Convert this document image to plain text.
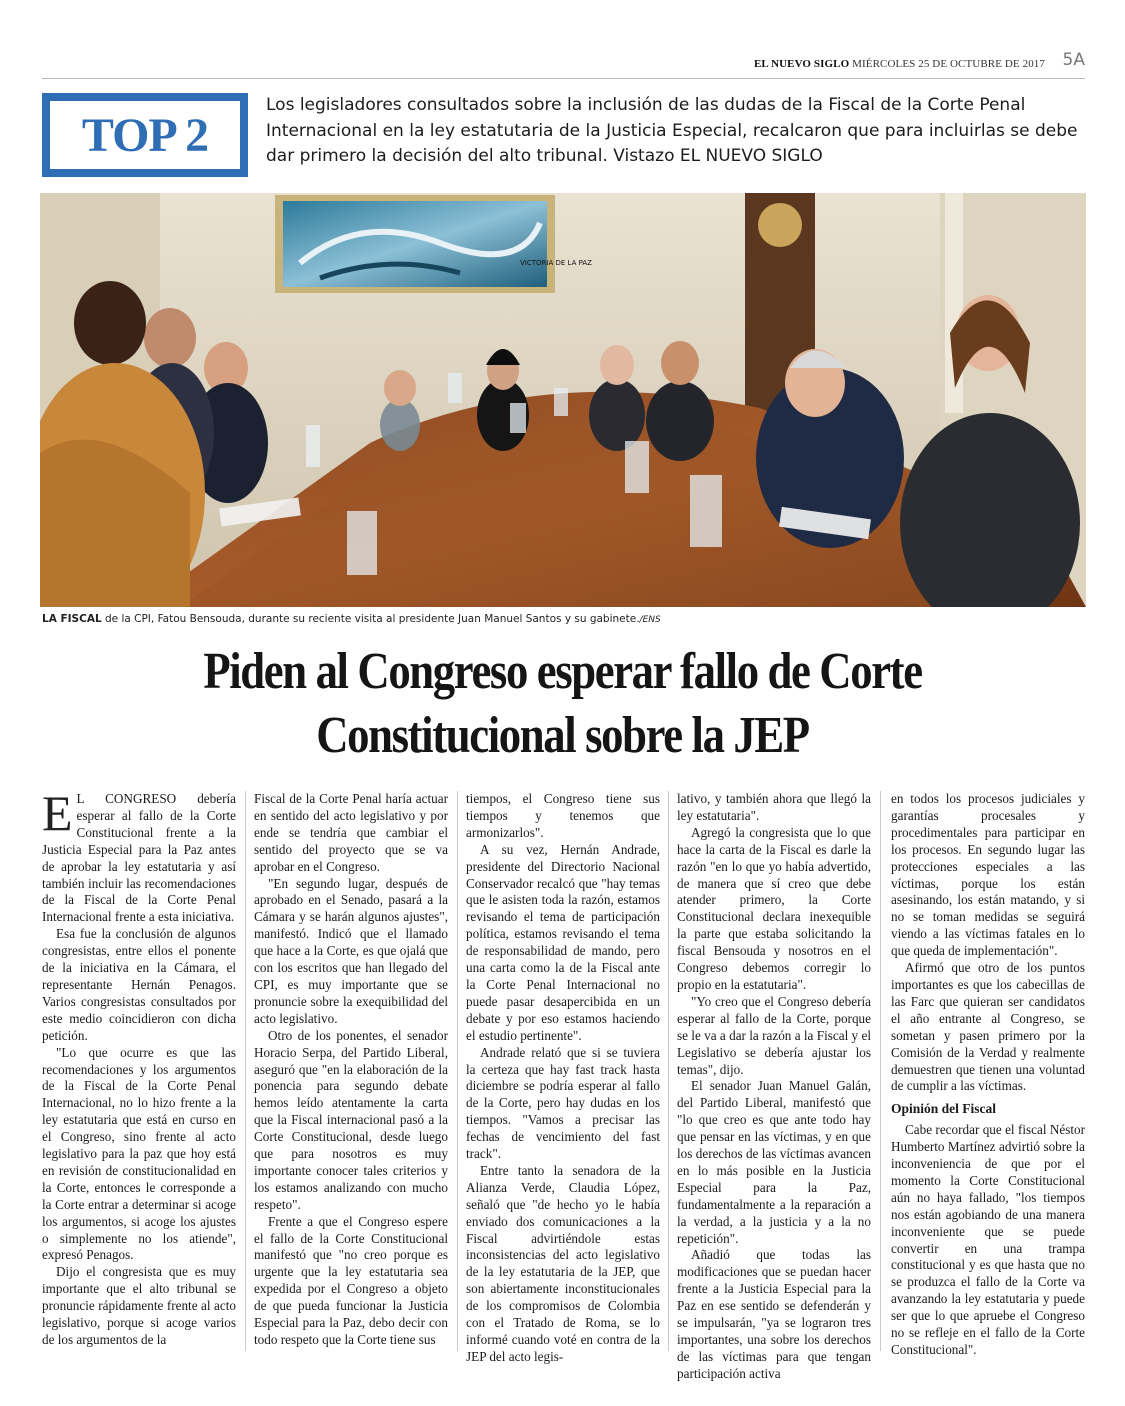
EL NUEVO SIGLO MIÉRCOLES 25 DE OCTUBRE DE 2017 5A
TOP 2
Los legisladores consultados sobre la inclusión de las dudas de la Fiscal de la Corte Penal Internacional en la ley estatutaria de la Justicia Especial, recalcaron que para incluirlas se debe dar primero la decisión del alto tribunal. Vistazo EL NUEVO SIGLO
VICTORIA DE LA PAZ
LA FISCAL de la CPI, Fatou Bensouda, durante su reciente visita al presidente Juan Manuel Santos y su gabinete./ENS
Piden al Congreso esperar fallo de Corte
Constitucional sobre la JEP
E L CONGRESO debería esperar al fallo de la Corte Constitucional frente a la Justicia Especial para la Paz antes de aprobar la ley estatutaria y así también incluir las recomendaciones de la Fiscal de la Corte Penal Internacional frente a esta iniciativa.

Esa fue la conclusión de algunos congresistas, entre ellos el ponente de la iniciativa en la Cámara, el representante Hernán Penagos. Varios congresistas consultados por este medio coincidieron con dicha petición.

"Lo que ocurre es que las recomendaciones y los argumentos de la Fiscal de la Corte Penal Internacional, no lo hizo frente a la ley estatutaria que está en curso en el Congreso, sino frente al acto legislativo para la paz que hoy está en revisión de constitucionalidad en la Corte, entonces le corresponde a la Corte entrar a determinar si acoge los argumentos, si acoge los ajustes o simplemente no los atiende", expresó Penagos.

Dijo el congresista que es muy importante que el alto tribunal se pronuncie rápidamente frente al acto legislativo, porque si acoge varios de los argumentos de la

Fiscal de la Corte Penal haría actuar en sentido del acto legislativo y por ende se tendría que cambiar el sentido del proyecto que se va aprobar en el Congreso.

"En segundo lugar, después de aprobado en el Senado, pasará a la Cámara y se harán algunos ajustes", manifestó. Indicó que el llamado que hace a la Corte, es que ojalá que con los escritos que han llegado del CPI, es muy importante que se pronuncie sobre la exequibilidad del acto legislativo.

Otro de los ponentes, el senador Horacio Serpa, del Partido Liberal, aseguró que "en la elaboración de la ponencia para segundo debate hemos leído atentamente la carta que la Fiscal internacional pasó a la Corte Constitucional, desde luego que para nosotros es muy importante conocer tales criterios y los estamos analizando con mucho respeto".

Frente a que el Congreso espere el fallo de la Corte Constitucional manifestó que "no creo porque es urgente que la ley estatutaria sea expedida por el Congreso a objeto de que pueda funcionar la Justicia Especial para la Paz, debo decir con todo respeto que la Corte tiene sus

tiempos, el Congreso tiene sus tiempos y tenemos que armonizarlos".

A su vez, Hernán Andrade, presidente del Directorio Nacional Conservador recalcó que "hay temas que le asisten toda la razón, estamos revisando el tema de participación política, estamos revisando el tema de responsabilidad de mando, pero una carta como la de la Fiscal ante la Corte Penal Internacional no puede pasar desapercibida en un debate y por eso estamos haciendo el estudio pertinente".

Andrade relató que si se tuviera la certeza que hay fast track hasta diciembre se podría esperar al fallo de la Corte, pero hay dudas en los tiempos. "Vamos a precisar las fechas de vencimiento del fast track".

Entre tanto la senadora de la Alianza Verde, Claudia López, señaló que "de hecho yo le había enviado dos comunicaciones a la Fiscal advirtiéndole estas inconsistencias del acto legislativo de la ley estatutaria de la JEP, que son abiertamente inconstitucionales de los compromisos de Colombia con el Tratado de Roma, se lo informé cuando voté en contra de la JEP del acto legis-

lativo, y también ahora que llegó la ley estatutaria".

Agregó la congresista que lo que hace la carta de la Fiscal es darle la razón "en lo que yo había advertido, de manera que sí creo que debe atender primero, la Corte Constitucional declara inexequible la parte que estaba solicitando la fiscal Bensouda y nosotros en el Congreso debemos corregir lo propio en la estatutaria".

"Yo creo que el Congreso debería esperar al fallo de la Corte, porque se le va a dar la razón a la Fiscal y el Legislativo se debería ajustar los temas", dijo.

El senador Juan Manuel Galán, del Partido Liberal, manifestó que "lo que creo es que ante todo hay que pensar en las víctimas, y en que los derechos de las víctimas avancen en lo más posible en la Justicia Especial para la Paz, fundamentalmente a la reparación a la verdad, a la justicia y a la no repetición".

Añadió que todas las modificaciones que se puedan hacer frente a la Justicia Especial para la Paz en ese sentido se defenderán y se impulsarán, "ya se lograron tres importantes, una sobre los derechos de las víctimas para que tengan participación activa

en todos los procesos judiciales y garantías procesales y procedimentales para participar en los procesos. En segundo lugar las protecciones especiales a las víctimas, porque los están asesinando, los están matando, y si no se toman medidas se seguirá viendo a las víctimas fatales en lo que queda de implementación".

Afirmó que otro de los puntos importantes es que los cabecillas de las Farc que quieran ser candidatos el año entrante al Congreso, se sometan y pasen primero por la Comisión de la Verdad y realmente demuestren que tienen una voluntad de cumplir a las víctimas.

Opinión del Fiscal

Cabe recordar que el fiscal Néstor Humberto Martínez advirtió sobre la inconveniencia de que por el momento la Corte Constitucional aún no haya fallado, "los tiempos nos están agobiando de una manera inconveniente que se puede convertir en una trampa constitucional y es que hasta que no se produzca el fallo de la Corte va avanzando la ley estatutaria y puede ser que lo que apruebe el Congreso no se refleje en el fallo de la Corte Constitucional".
